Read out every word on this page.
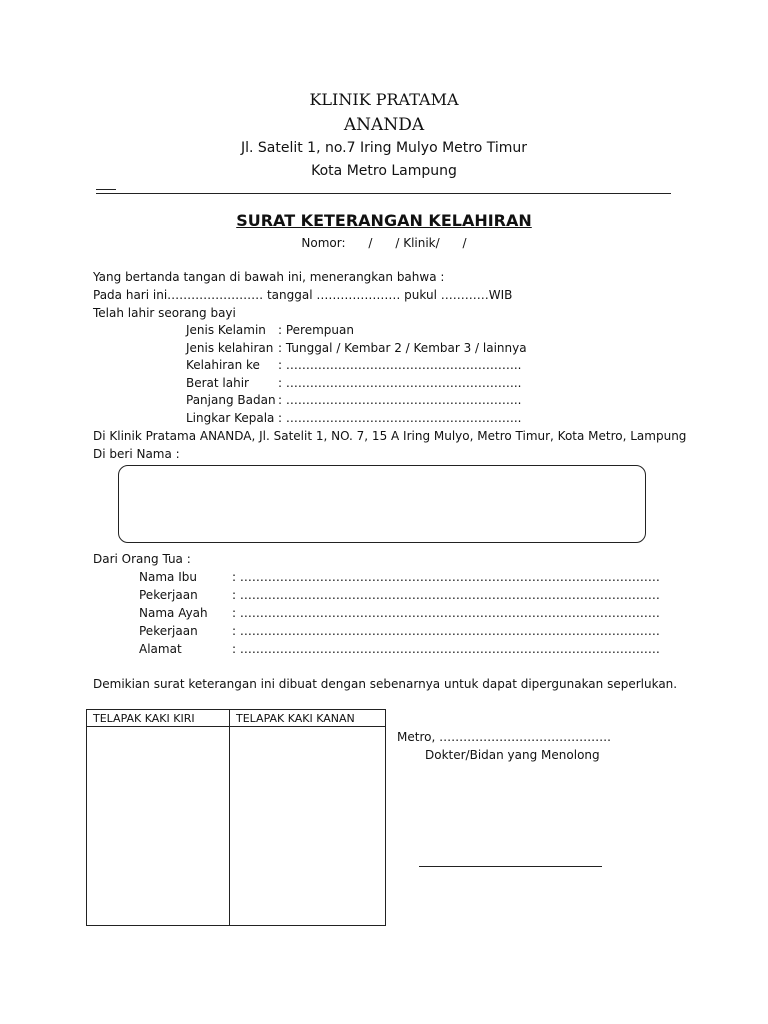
KLINIK PRATAMA
ANANDA
Jl. Satelit 1, no.7 Iring Mulyo Metro Timur
Kota Metro Lampung
SURAT KETERANGAN KELAHIRAN
Nomor:      /      / Klinik/      /
Yang bertanda tangan di bawah ini, menerangkan bahwa :
Pada hari ini…………………… tanggal ………………… pukul …………WIB
Telah lahir seorang bayi
Jenis Kelamin : Perempuan
Jenis kelahiran : Tunggal / Kembar 2 / Kembar 3 / lainnya
Kelahiran ke : …………………………………………………..
Berat lahir : …………………………………………………..
Panjang Badan : …………………………………………………..
Lingkar Kepala : …………………………………………………..
Di Klinik Pratama ANANDA, Jl. Satelit 1, NO. 7, 15 A Iring Mulyo, Metro Timur, Kota Metro, Lampung
Di beri Nama :
Dari Orang Tua :
Nama Ibu	: ……………………………………………………………………………………………
Pekerjaan	: ……………………………………………………………………………………………
Nama Ayah : ……………………………………………………………………………………………
Pekerjaan	: ……………………………………………………………………………………………
Alamat	: ……………………………………………………………………………………………
Demikian surat keterangan ini dibuat dengan sebenarnya untuk dapat dipergunakan seperlukan.
TELAPAK KAKI KIRI	TELAPAK KAKI KANAN
Metro, …………………………………….
Dokter/Bidan yang Menolong
